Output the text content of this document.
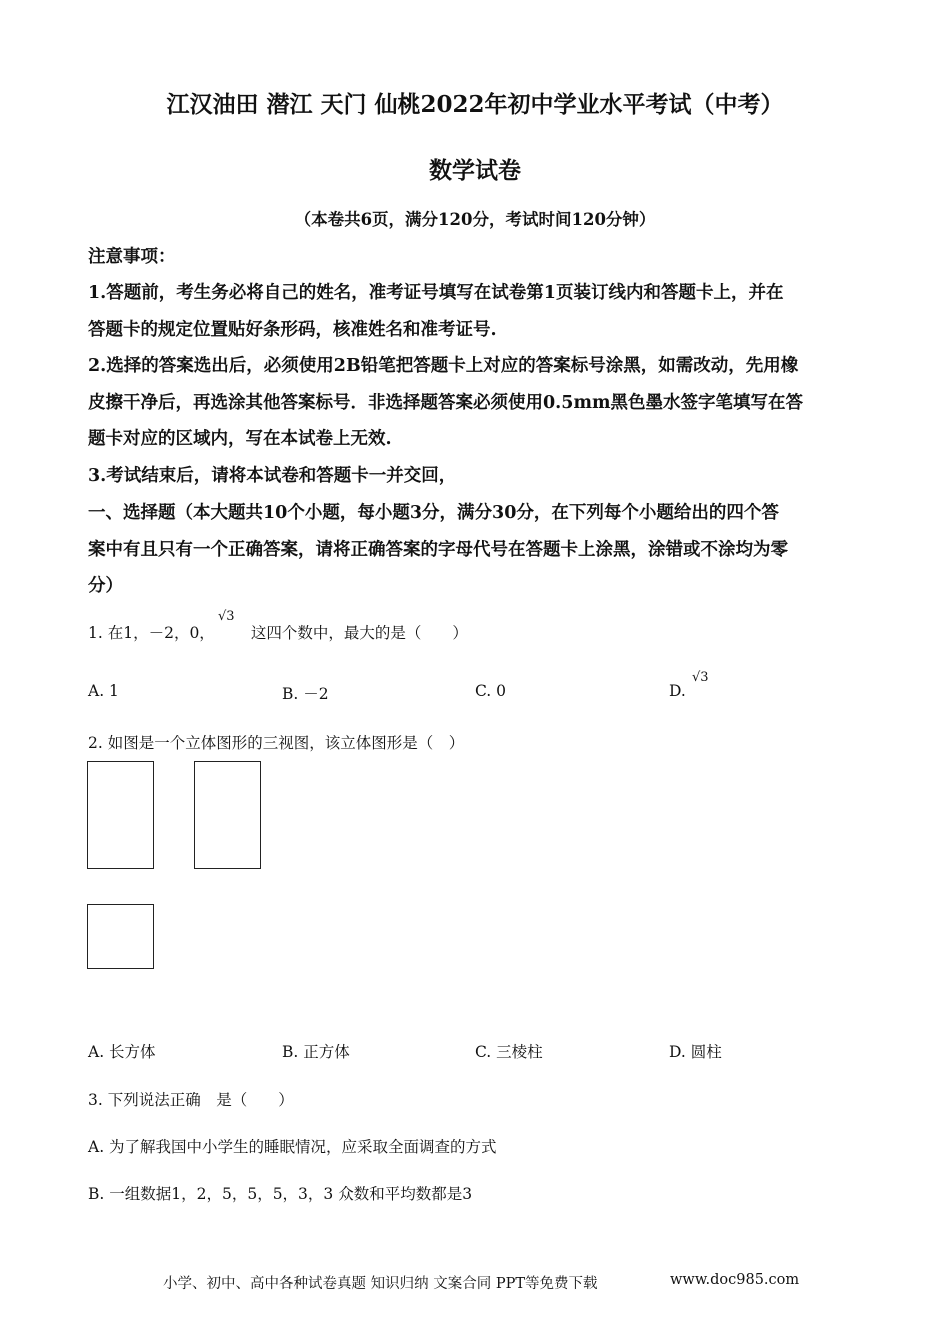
江汉油田 潜江 天门 仙桃2022年初中学业水平考试（中考）
数学试卷
（本卷共6页，满分120分，考试时间120分钟）
注意事项：
1.答题前，考生务必将自己的姓名，准考证号填写在试卷第1页装订线内和答题卡上，并在
答题卡的规定位置贴好条形码，核准姓名和准考证号.
2.选择的答案选出后，必须使用2B铅笔把答题卡上对应的答案标号涂黑，如需改动，先用橡
皮擦干净后，再选涂其他答案标号．非选择题答案必须使用0.5mm黑色墨水签字笔填写在答
题卡对应的区域内，写在本试卷上无效.
3.考试结束后，请将本试卷和答题卡一并交回，
一、选择题（本大题共10个小题，每小题3分，满分30分，在下列每个小题给出的四个答
案中有且只有一个正确答案，请将正确答案的字母代号在答题卡上涂黑，涂错或不涂均为零
分）
1. 在1，－2，0， 这四个数中，最大的是（　　）
√3
A. 1	B. －2	C. 0	D.
√3
2. 如图是一个立体图形的三视图，该立体图形是（　）
A. 长方体	B. 正方体	C. 三棱柱	D. 圆柱
3. 下列说法正确　是（　　）
A. 为了解我国中小学生的睡眠情况，应采取全面调查的方式
B. 一组数据1，2，5，5，5，3，3 众数和平均数都是3
小学、初中、高中各种试卷真题 知识归纳 文案合同 PPT等免费下载	www.doc985.com
